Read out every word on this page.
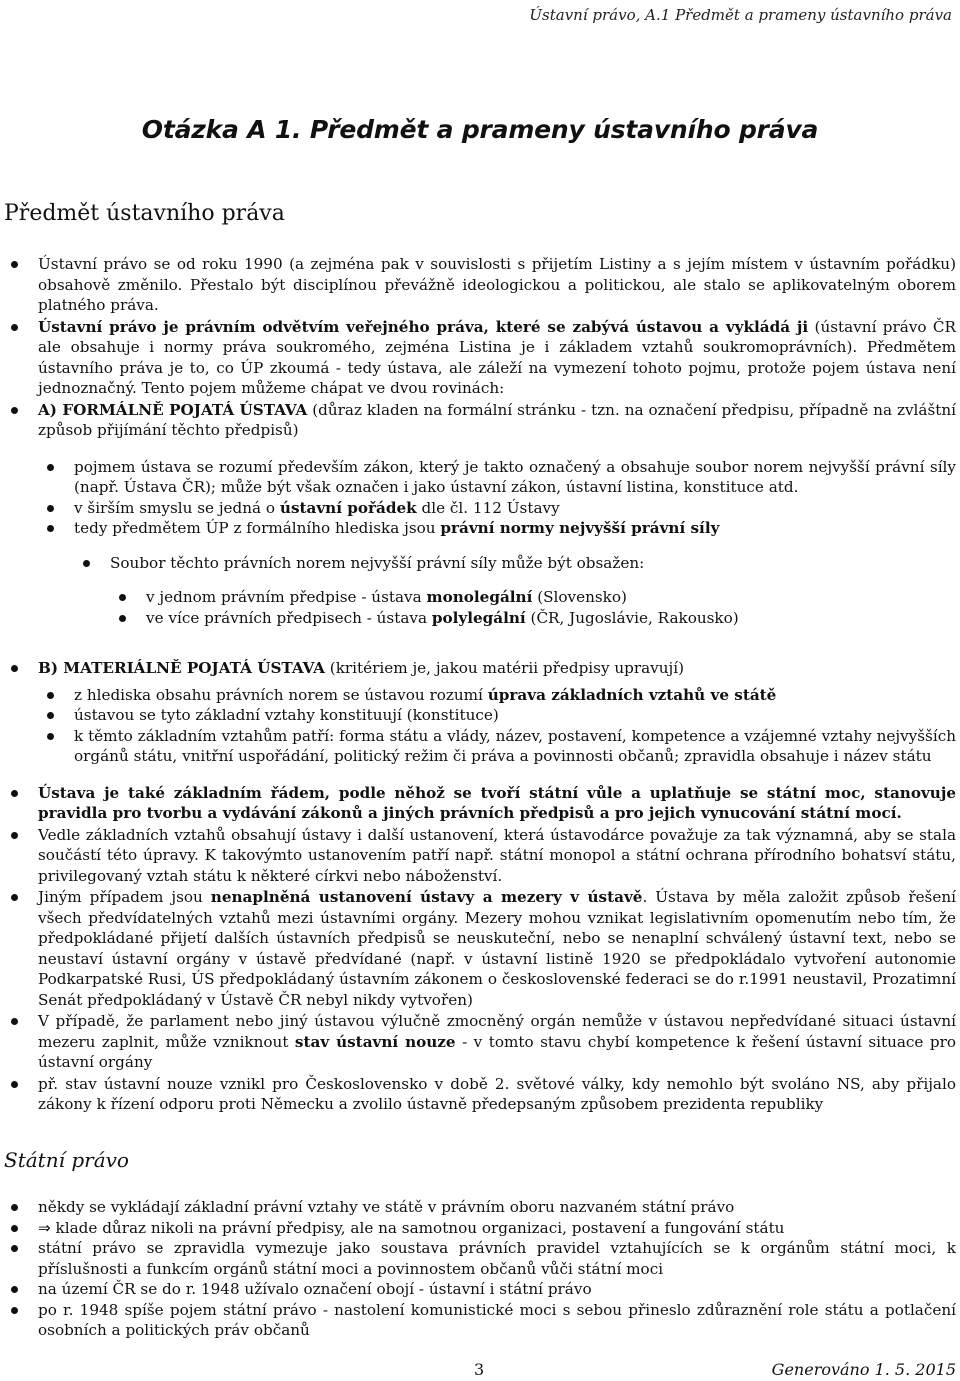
Ústavní právo, A.1 Předmět a prameny ústavního práva
Otázka A 1. Předmět a prameny ústavního práva
Předmět ústavního práva
Ústavní právo se od roku 1990 (a zejména pak v souvislosti s přijetím Listiny a s jejím místem v ústavním pořádku) obsahově změnilo. Přestalo být disciplínou převážně ideologickou a politickou, ale stalo se aplikovatelným oborem platného práva.
Ústavní právo je právním odvětvím veřejného práva, které se zabývá ústavou a vykládá ji (ústavní právo ČR ale obsahuje i normy práva soukromého, zejména Listina je i základem vztahů soukromoprávních). Předmětem ústavního práva je to, co ÚP zkoumá - tedy ústava, ale záleží na vymezení tohoto pojmu, protože pojem ústava není jednoznačný. Tento pojem můžeme chápat ve dvou rovinách:
A) FORMÁLNĚ POJATÁ ÚSTAVA (důraz kladen na formální stránku - tzn. na označení předpisu, případně na zvláštní způsob přijímání těchto předpisů)
pojmem ústava se rozumí především zákon, který je takto označený a obsahuje soubor norem nejvyšší právní síly (např. Ústava ČR); může být však označen i jako ústavní zákon, ústavní listina, konstituce atd.
v širším smyslu se jedná o ústavní pořádek dle čl. 112 Ústavy
tedy předmětem ÚP z formálního hlediska jsou právní normy nejvyšší právní síly
Soubor těchto právních norem nejvyšší právní síly může být obsažen:
v jednom právním předpise - ústava monolegální (Slovensko)
ve více právních předpisech - ústava polylegální (ČR, Jugoslávie, Rakousko)
B) MATERIÁLNĚ POJATÁ ÚSTAVA (kritériem je, jakou matérii předpisy upravují)
z hlediska obsahu právních norem se ústavou rozumí úprava základních vztahů ve státě
ústavou se tyto základní vztahy konstituují (konstituce)
k těmto základním vztahům patří: forma státu a vlády, název, postavení, kompetence a vzájemné vztahy nejvyšších orgánů státu, vnitřní uspořádání, politický režim či práva a povinnosti občanů; zpravidla obsahuje i název státu
Ústava je také základním řádem, podle něhož se tvoří státní vůle a uplatňuje se státní moc, stanovuje pravidla pro tvorbu a vydávání zákonů a jiných právních předpisů a pro jejich vynucování státní mocí.
Vedle základních vztahů obsahují ústavy i další ustanovení, která ústavodárce považuje za tak významná, aby se stala součástí této úpravy. K takovýmto ustanovením patří např. státní monopol a státní ochrana přírodního bohatsví státu, privilegovaný vztah státu k některé církvi nebo náboženství.
Jiným případem jsou nenaplněná ustanovení ústavy a mezery v ústavě. Ústava by měla založit způsob řešení všech předvídatelných vztahů mezi ústavními orgány. Mezery mohou vznikat legislativním opomenutím nebo tím, že předpokládané přijetí dalších ústavních předpisů se neuskuteční, nebo se nenaplní schválený ústavní text, nebo se neustaví ústavní orgány v ústavě předvídané (např. v ústavní listině 1920 se předpokládalo vytvoření autonomie Podkarpatské Rusi, ÚS předpokládaný ústavním zákonem o československé federaci se do r.1991 neustavil, Prozatimní Senát předpokládaný v Ústavě ČR nebyl nikdy vytvořen)
V případě, že parlament nebo jiný ústavou výlučně zmocněný orgán nemůže v ústavou nepředvídané situaci ústavní mezeru zaplnit, může vzniknout stav ústavní nouze - v tomto stavu chybí kompetence k řešení ústavní situace pro ústavní orgány
př. stav ústavní nouze vznikl pro Československo v době 2. světové války, kdy nemohlo být svoláno NS, aby přijalo zákony k řízení odporu proti Německu a zvolilo ústavně předepsaným způsobem prezidenta republiky
Státní právo
někdy se vykládají základní právní vztahy ve státě v právním oboru nazvaném státní právo
⇒ klade důraz nikoli na právní předpisy, ale na samotnou organizaci, postavení a fungování státu
státní právo se zpravidla vymezuje jako soustava právních pravidel vztahujících se k orgánům státní moci, k příslušnosti a funkcím orgánů státní moci a povinnostem občanů vůči státní moci
na území ČR se do r. 1948 užívalo označení obojí - ústavní i státní právo
po r. 1948 spíše pojem státní právo - nastolení komunistické moci s sebou přineslo zdůraznění role státu a potlačení osobních a politických práv občanů
3	Generováno 1. 5. 2015
